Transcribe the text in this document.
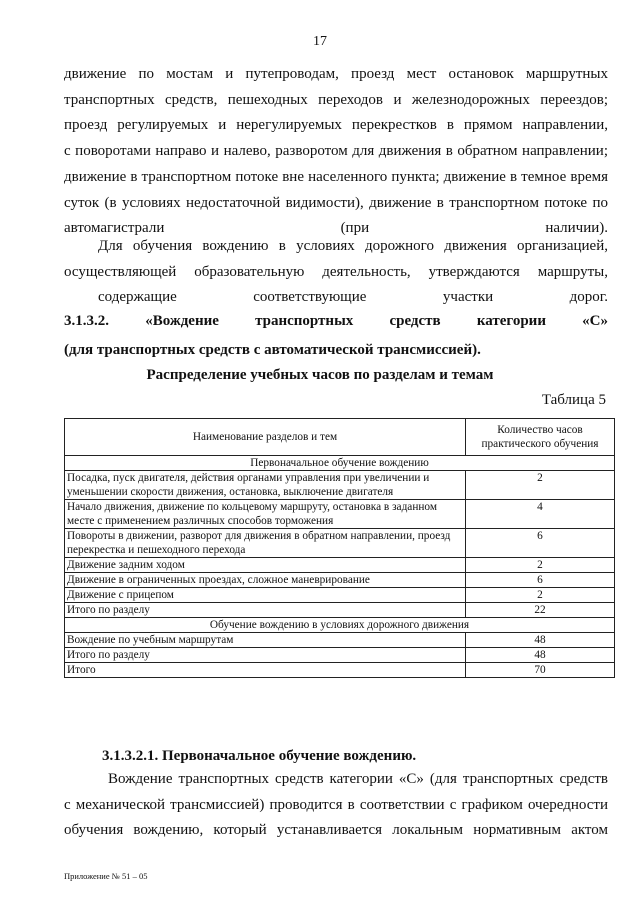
17

движение по мостам и путепроводам, проезд мест остановок маршрутных
транспортных средств, пешеходных переходов и железнодорожных переездов;
проезд регулируемых и нерегулируемых перекрестков в прямом направлении,
с поворотами направо и налево, разворотом для движения в обратном направлении;
движение в транспортном потоке вне населенного пункта; движение в темное время
суток (в условиях недостаточной видимости), движение в транспортном потоке по
автомагистрали (при наличии).

Для обучения вождению в условиях дорожного движения организацией,
осуществляющей образовательную деятельность, утверждаются маршруты,
содержащие соответствующие участки дорог.

3.1.3.2. «Вождение транспортных средств категории «С»
(для транспортных средств с автоматической трансмиссией).
Распределение учебных часов по разделам и темам
Таблица 5
Наименование разделов и тем	Количество часов практического обучения
Первоначальное обучение вождению	
Посадка, пуск двигателя, действия органами управления при увеличении и уменьшении скорости движения, остановка, выключение двигателя	2
Начало движения, движение по кольцевому маршруту, остановка в заданном месте с применением различных способов торможения	4
Повороты в движении, разворот для движения в обратном направлении, проезд перекрестка и пешеходного перехода	6
Движение задним ходом	2
Движение в ограниченных проездах, сложное маневрирование	6
Движение с прицепом	2
Итого по разделу	22
Обучение вождению в условиях дорожного движения	
Вождение по учебным маршрутам	48
Итого по разделу	48
Итого	70
3.1.3.2.1. Первоначальное обучение вождению.

Вождение транспортных средств категории «С» (для транспортных средств
с механической трансмиссией) проводится в соответствии с графиком очередности
обучения вождению, который устанавливается локальным нормативным актом

Приложение № 51 – 05
